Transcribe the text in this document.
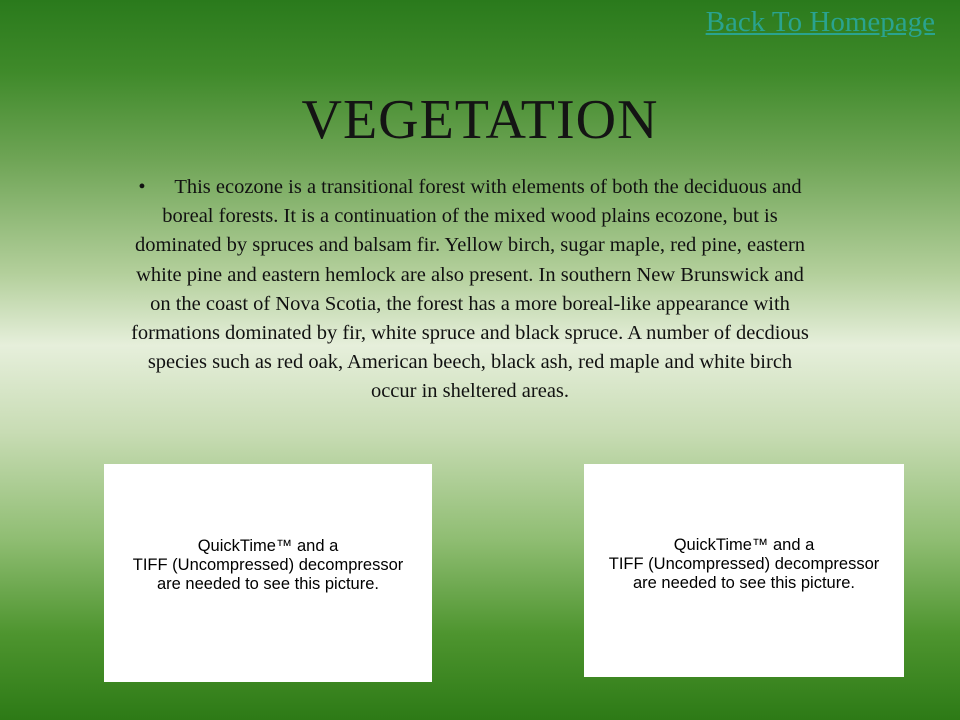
Back To Homepage
VEGETATION

• This ecozone is a transitional forest with elements of both the deciduous and boreal forests. It is a continuation of the mixed wood plains ecozone, but is dominated by spruces and balsam fir. Yellow birch, sugar maple, red pine, eastern white pine and eastern hemlock are also present. In southern New Brunswick and on the coast of Nova Scotia, the forest has a more boreal-like appearance with formations dominated by fir, white spruce and black spruce. A number of decdious species such as red oak, American beech, black ash, red maple and white birch occur in sheltered areas.

QuickTime™ and a
TIFF (Uncompressed) decompressor
are needed to see this picture.
QuickTime™ and a
TIFF (Uncompressed) decompressor
are needed to see this picture.
